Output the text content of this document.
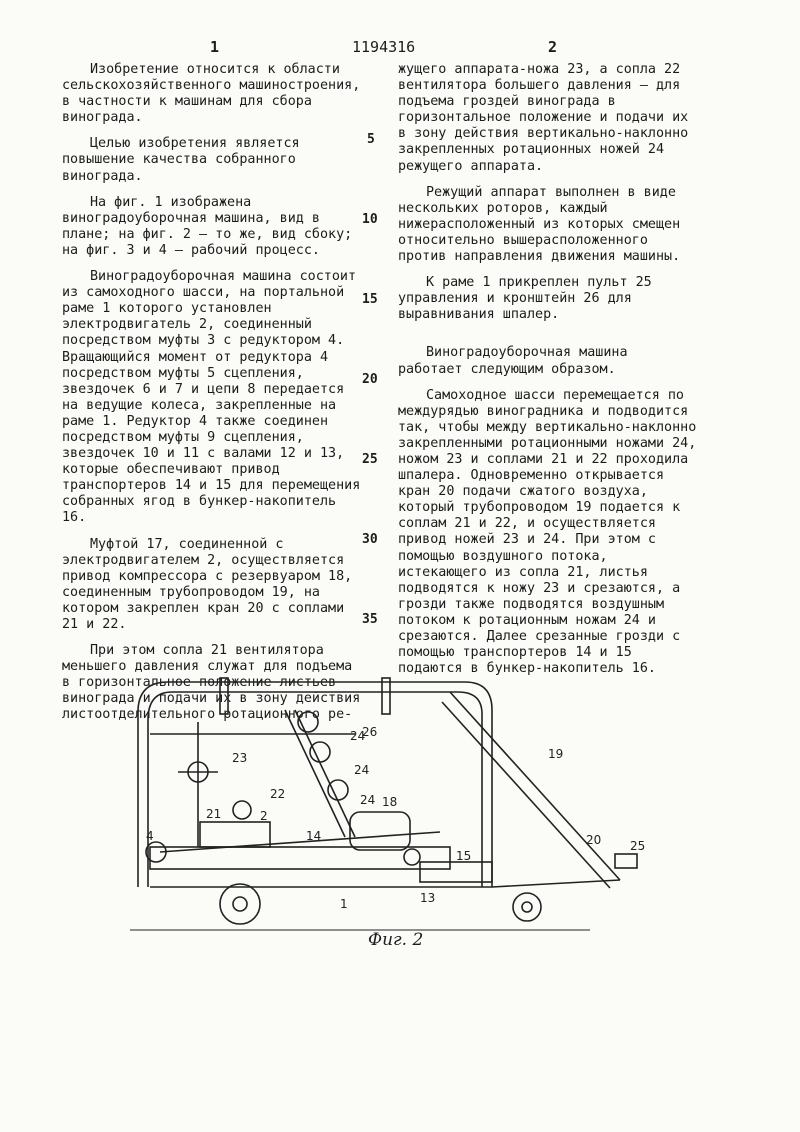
1	1194316	2

Изобретение относится к области сельскохозяйственного машиностроения, в частности к машинам для сбора винограда.

Целью изобретения является повышение качества собранного винограда.

На фиг. 1 изображена виноградоуборочная машина, вид в плане; на фиг. 2 – то же, вид сбоку; на фиг. 3 и 4 – рабочий процесс.

Виноградоуборочная машина состоит из самоходного шасси, на портальной раме 1 которого установлен электродвигатель 2, соединенный посредством муфты 3 с редуктором 4. Вращающийся момент от редуктора 4 посредством муфты 5 сцепления, звездочек 6 и 7 и цепи 8 передается на ведущие колеса, закрепленные на раме 1. Редуктор 4 также соединен посредством муфты 9 сцепления, звездочек 10 и 11 с валами 12 и 13, которые обеспечивают привод транспортеров 14 и 15 для перемещения собранных ягод в бункер-накопитель 16.

Муфтой 17, соединенной с электродвигателем 2, осуществляется привод компрессора с резервуаром 18, соединенным трубопроводом 19, на котором закреплен кран 20 с соплами 21 и 22.

При этом сопла 21 вентилятора меньшего давления служат для подъема в горизонтальное положение листьев винограда и подачи их в зону действия листоотделительного ротационного ре-

жущего аппарата-ножа 23, а сопла 22 вентилятора большего давления – для подъема гроздей винограда в горизонтальное положение и подачи их в зону действия вертикально-наклонно закрепленных ротационных ножей 24 режущего аппарата.

Режущий аппарат выполнен в виде нескольких роторов, каждый нижерасположенный из которых смещен относительно вышерасположенного против направления движения машины.

К раме 1 прикреплен пульт 25 управления и кронштейн 26 для выравнивания шпалер.

Виноградоуборочная машина работает следующим образом.

Самоходное шасси перемещается по междурядью виноградника и подводится так, чтобы между вертикально-наклонно закрепленными ротационными ножами 24, ножом 23 и соплами 21 и 22 проходила шпалера. Одновременно открывается кран 20 подачи сжатого воздуха, который трубопроводом 19 подается к соплам 21 и 22, и осуществляется привод ножей 23 и 24. При этом с помощью воздушного потока, истекающего из сопла 21, листья подводятся к ножу 23 и срезаются, а грозди также подводятся воздушным потоком к ротационным ножам 24 и срезаются. Далее срезанные грозди с помощью транспортеров 14 и 15 подаются в бункер-накопитель 16.

5
10
15
20
25
30
35
26
19
23
24
24
24
25
4
2
21
22
18
20
14
15
1	13
Фиг. 2
